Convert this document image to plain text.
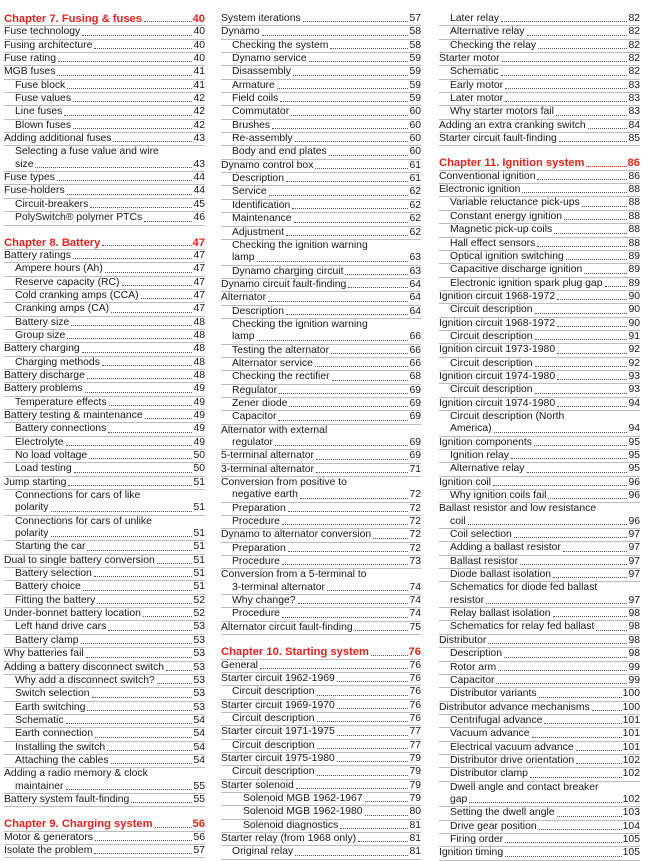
Chapter 7. Fusing & fuses	40
Fuse technology	40
Fusing architecture	40
Fuse rating	40
MGB fuses	41
Fuse block	41
Fuse values	42
Line fuses	42
Blown fuses	42
Adding additional fuses	43
Selecting a fuse value and wire
size	43
Fuse types	44
Fuse-holders	44
Circuit-breakers	45
PolySwitch® polymer PTCs	46
Chapter 8. Battery	47
Battery ratings	47
Ampere hours (Ah)	47
Reserve capacity (RC)	47
Cold cranking amps (CCA)	47
Cranking amps (CA)	47
Battery size	48
Group size	48
Battery charging	48
Charging methods	48
Battery discharge	48
Battery problems	49
Temperature effects	49
Battery testing & maintenance	49
Battery connections	49
Electrolyte	49
No load voltage	50
Load testing	50
Jump starting	51
Connections for cars of like
polarity	51
Connections for cars of unlike
polarity	51
Starting the car	51
Dual to single battery conversion	51
Battery selection	51
Battery choice	51
Fitting the battery	52
Under-bonnet battery location	52
Left hand drive cars	53
Battery clamp	53
Why batteries fail	53
Adding a battery disconnect switch	53
Why add a disconnect switch?	53
Switch selection	53
Earth switching	53
Schematic	54
Earth connection	54
Installing the switch	54
Attaching the cables	54
Adding a radio memory & clock
maintainer	55
Battery system fault-finding	55
Chapter 9. Charging system	56
Motor & generators	56
Isolate the problem	57
System iterations	57
Dynamo	58
Checking the system	58
Dynamo service	59
Disassembly	59
Armature	59
Field coils	59
Commutator	60
Brushes	60
Re-assembly	60
Body and end plates	60
Dynamo control box	61
Description	61
Service	62
Identification	62
Maintenance	62
Adjustment	62
Checking the ignition warning
lamp	63
Dynamo charging circuit	63
Dynamo circuit fault-finding	64
Alternator	64
Description	64
Checking the ignition warning
lamp	66
Testing the alternator	66
Alternator service	66
Checking the rectifier	68
Regulator	69
Zener diode	69
Capacitor	69
Alternator with external
regulator	69
5-terminal alternator	69
3-terminal alternator	71
Conversion from positive to
negative earth	72
Preparation	72
Procedure	72
Dynamo to alternator conversion	72
Preparation	72
Procedure	73
Conversion from a 5-terminal to
3-terminal alternator	74
Why change?	74
Procedure	74
Alternator circuit fault-finding	75
Chapter 10. Starting system	76
General	76
Starter circuit 1962-1969	76
Circuit description	76
Starter circuit 1969-1970	76
Circuit description	76
Starter circuit 1971-1975	77
Circuit description	77
Starter circuit 1975-1980	79
Circuit description	79
Starter solenoid	79
Solenoid MGB 1962-1967	79
Solenoid MGB 1962-1980	80
Solenoid diagnostics	81
Starter relay (from 1968 only)	81
Original relay	81
Later relay	82
Alternative relay	82
Checking the relay	82
Starter motor	82
Schematic	82
Early motor	83
Later motor	83
Why starter motors fail	83
Adding an extra cranking switch	84
Starter circuit fault-finding	85
Chapter 11. Ignition system	86
Conventional ignition	86
Electronic ignition	88
Variable reluctance pick-ups	88
Constant energy ignition	88
Magnetic pick-up coils	88
Hall effect sensors	88
Optical ignition switching	89
Capacitive discharge ignition	89
Electronic ignition spark plug gap 89
Ignition circuit 1968-1972	90
Circuit description	90
Ignition circuit 1968-1972	90
Circuit description	91
Ignition circuit 1973-1980	92
Circuit description	92
Ignition circuit 1974-1980	93
Circuit description	93
Ignition circuit 1974-1980	94
Circuit description (North
America)	94
Ignition components	95
Ignition relay	95
Alternative relay	95
Ignition coil	96
Why ignition coils fail	96
Ballast resistor and low resistance
coil	96
Coil selection	97
Adding a ballast resistor	97
Ballast resistor	97
Diode ballast isolation	97
Schematics for diode fed ballast
resistor	97
Relay ballast isolation	98
Schematics for relay fed ballast	98
Distributor	98
Description	98
Rotor arm	99
Capacitor	99
Distributor variants	100
Distributor advance mechanisms	100
Centrifugal advance	101
Vacuum advance	101
Electrical vacuum advance	101
Distributor drive orientation	102
Distributor clamp	102
Dwell angle and contact breaker
gap	102
Setting the dwell angle	103
Drive gear position	104
Firing order	105
Ignition timing	105
